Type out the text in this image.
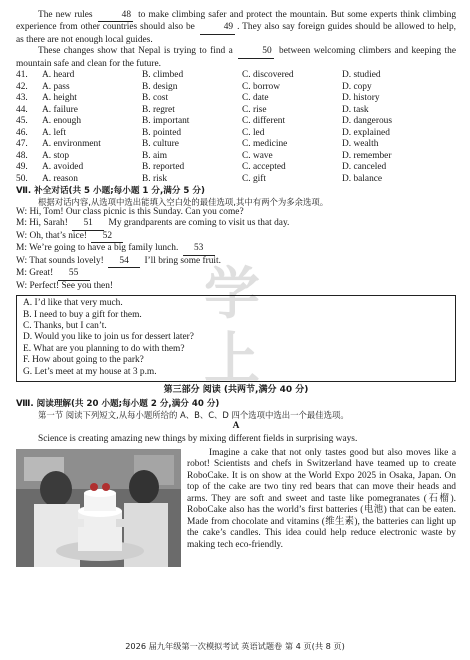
The new rules	48 to make climbing safer and protect the mountain. But some experts think climbing experience from other countries should also be	49 . They also say foreign guides should be allowed to help, as there are not enough local guides.

These changes show that Nepal is trying to find a	50 between welcoming climbers and keeping the mountain safe and clean for the future.

41.	A. heard	B. climbed	C. discovered	D. studied
42.	A. pass	B. design	C. borrow	D. copy
43.	A. height	B. cost	C. date	D. history
44.	A. failure	B. regret	C. rise	D. task
45.	A. enough	B. important	C. different	D. dangerous
46.	A. left	B. pointed	C. led	D. explained
47.	A. environment	B. culture	C. medicine	D. wealth
48.	A. stop	B. aim	C. wave	D. remember
49.	A. avoided	B. reported	C. accepted	D. canceled
50.	A. reason	B. risk	C. gift	D. balance
Ⅶ. 补全对话(共 5 小题;每小题 1 分,满分 5 分)

根据对话内容,从选项中选出能填入空白处的最佳选项,其中有两个为多余选项。

W: Hi, Tom! Our class picnic is this Sunday. Can you come?
M: Hi, Sarah! 51 My grandparents are coming to visit us that day.
W: Oh, that’s nice! 52
M: We’re going to have a big family lunch. 53
W: That sounds lovely! 54 I’ll bring some fruit.
M: Great! 55
W: Perfect! See you then!
A. I’d like that very much.
B. I need to buy a gift for them.
C. Thanks, but I can’t.
D. Would you like to join us for dessert later?
E. What are you planning to do with them?
F. How about going to the park?
G. Let’s meet at my house at 3 p.m.
第三部分 阅读 (共两节,满分 40 分)
Ⅷ. 阅读理解(共 20 小题;每小题 2 分,满分 40 分)

第一节 阅读下列短文,从每小题所给的 A、B、C、D 四个选项中选出一个最佳选项。

A

Science is creating amazing new things by mixing different fields in surprising ways.

Imagine a cake that not only tastes good but also moves like a robot! Scientists and chefs in Switzerland have teamed up to create RoboCake. It is on show at the World Expo 2025 in Osaka, Japan. On top of the cake are two tiny red bears that can move their heads and arms. They are soft and sweet and taste like pomegranates (石榴). RoboCake also has the world’s first batteries (电池) that can be eaten. Made from chocolate and vitamins (维生素), the batteries can light up the cake’s candles. This idea could help reduce electronic waste by making tech eco-friendly.

学
上
2026 届九年级第一次模拟考试 英语试题卷 第 4 页(共 8 页)
